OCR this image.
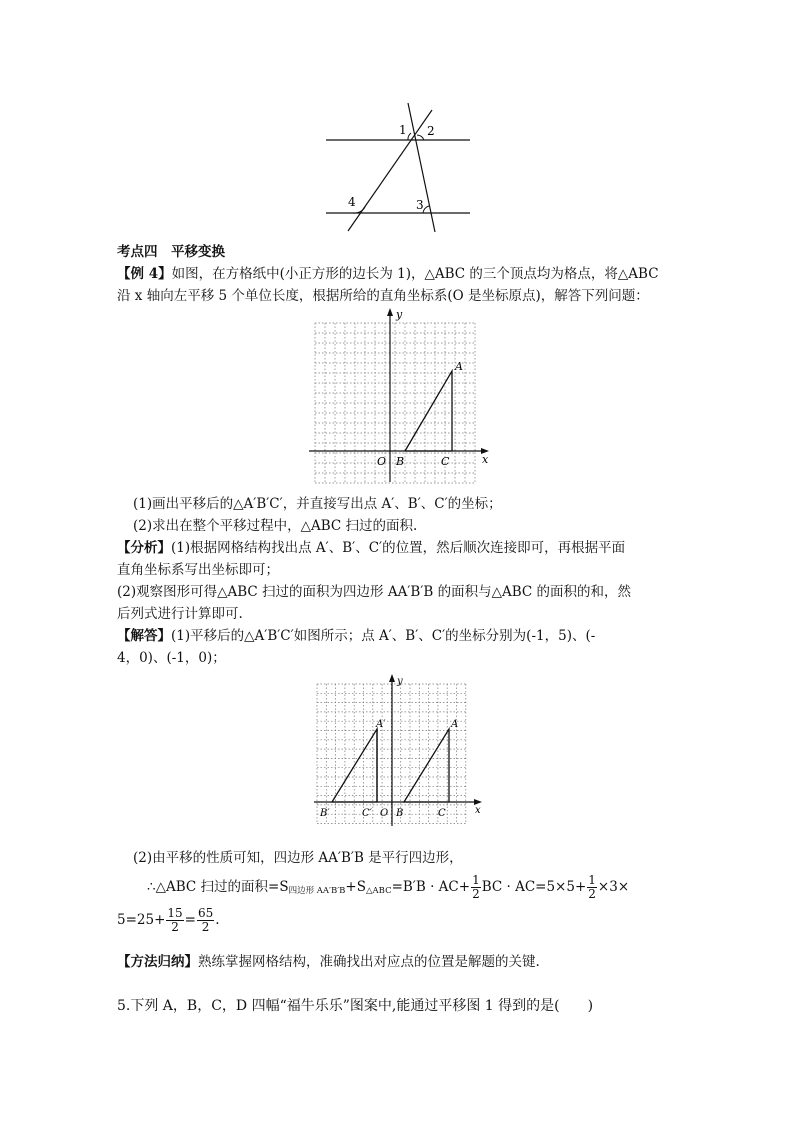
1 2
3
4
考点四　平移变换
【例 4】如图，在方格纸中(小正方形的边长为 1)，△ABC 的三个顶点均为格点，将△ABC
沿 x 轴向左平移 5 个单位长度，根据所给的直角坐标系(O 是坐标原点)，解答下列问题：
y
x
O
A
B	C
(1)画出平移后的△A′B′C′，并直接写出点 A′、B′、C′的坐标；
(2)求出在整个平移过程中，△ABC 扫过的面积.
【分析】(1)根据网格结构找出点 A′、B′、C′的位置，然后顺次连接即可，再根据平面
直角坐标系写出坐标即可；
(2)观察图形可得△ABC 扫过的面积为四边形 AA′B′B 的面积与△ABC 的面积的和，然
后列式进行计算即可.
【解答】(1)平移后的△A′B′C′如图所示；点 A′、B′、C′的坐标分别为(-1，5)、(-
4，0)、(-1，0)；
y
x
O
A′	A
B′	C′ B	C
(2)由平移的性质可知，四边形 AA′B′B 是平行四边形，
∴△ABC 扫过的面积$=S_{四边形 AA'B'B}+S_{\triangle ABC}=B'B \cdot AC+ \frac{1}{2}$ BC · $AC=5\times 5+ \frac{1}{2} \times 3\times$
$5=25+ \frac{15}{2} = \frac{65}{2}$ .
【方法归纳】熟练掌握网格结构，准确找出对应点的位置是解题的关键.
5.下列 A，B，C，D 四幅“福牛乐乐”图案中,能通过平移图 1 得到的是(　　)
